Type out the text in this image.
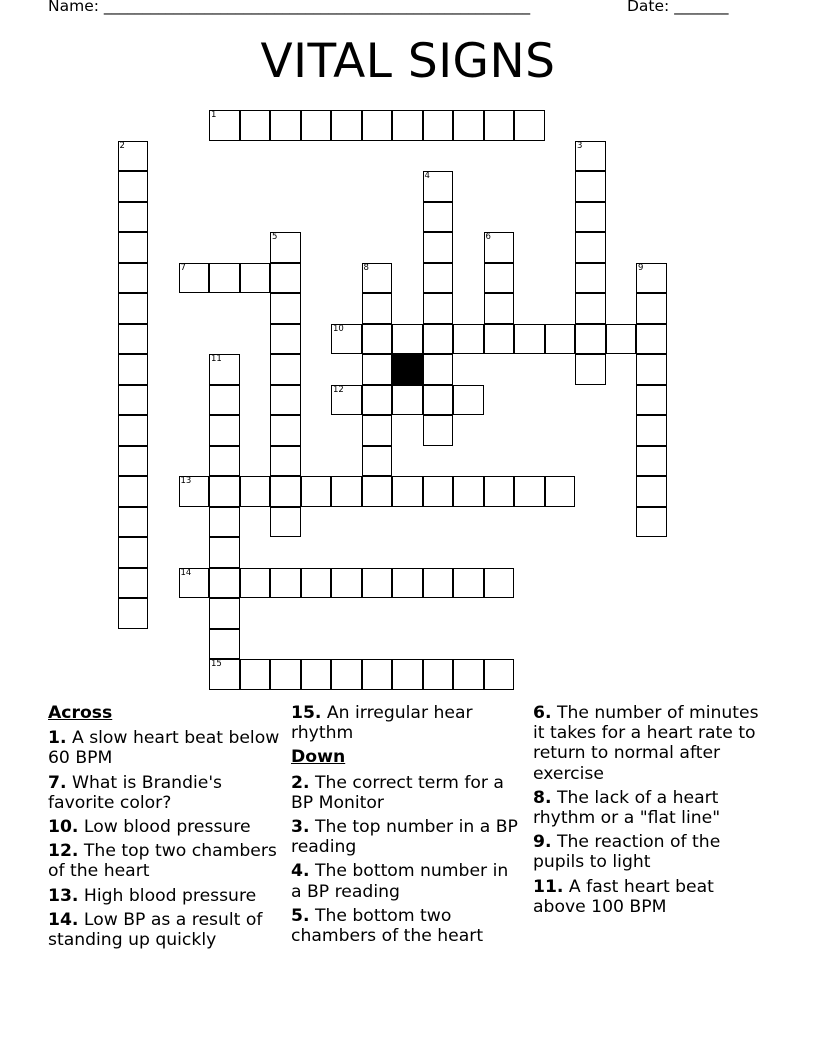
Name: _______________________________________________________	Date: _______
VITAL SIGNS
1
7
10
12
13
14
15
2	3
4
5	6
8	9
11
Across
1. A slow heart beat below 60 BPM
7. What is Brandie's favorite color?
10. Low blood pressure
12. The top two chambers of the heart
13. High blood pressure
14. Low BP as a result of standing up quickly
15. An irregular hear rhythm
Down
2. The correct term for a BP Monitor
3. The top number in a BP reading
4. The bottom number in a BP reading
5. The bottom two chambers of the heart
6. The number of minutes it takes for a heart rate to return to normal after exercise
8. The lack of a heart rhythm or a "flat line"
9. The reaction of the pupils to light
11. A fast heart beat above 100 BPM
